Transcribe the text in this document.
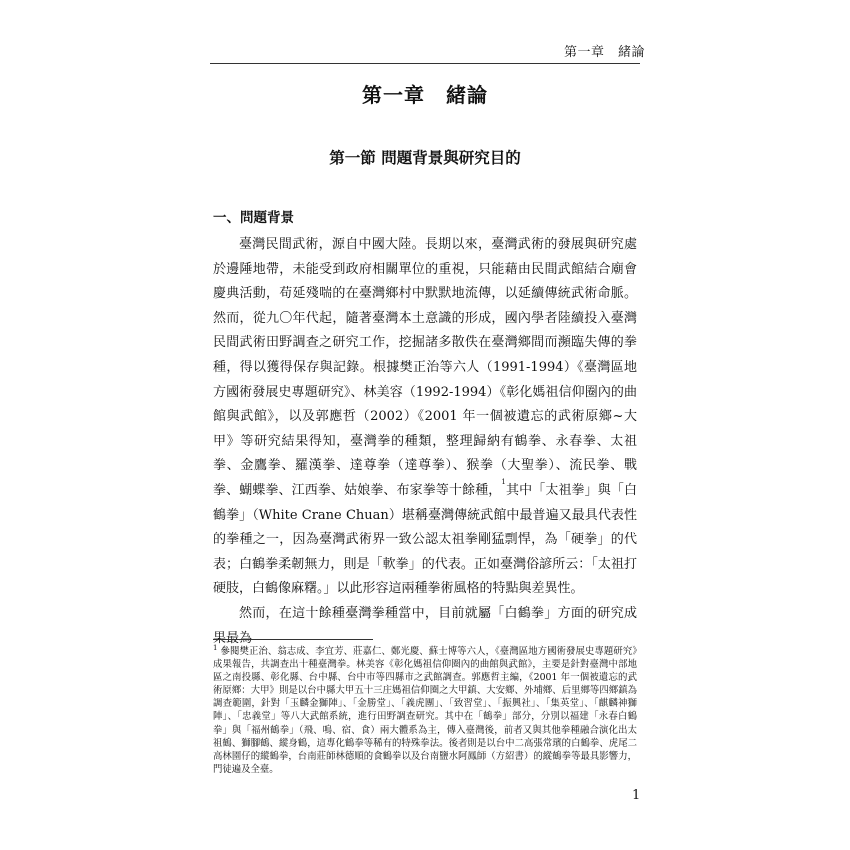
第一章　緒論
第一章　緒論
第一節 問題背景與研究目的
一、問題背景

臺灣民間武術，源自中國大陸。長期以來，臺灣武術的發展與研究處於邊陲地帶，未能受到政府相關單位的重視，只能藉由民間武館結合廟會慶典活動，苟延殘喘的在臺灣鄉村中默默地流傳，以延續傳統武術命脈。然而，從九〇年代起，隨著臺灣本土意識的形成，國內學者陸續投入臺灣民間武術田野調查之研究工作，挖掘諸多散佚在臺灣鄉間而瀕臨失傳的拳種，得以獲得保存與記錄。根據樊正治等六人（1991-1994）《臺灣區地方國術發展史專題研究》、林美容（1992-1994）《彰化媽祖信仰圈內的曲館與武館》，以及郭應哲（2002）《2001 年一個被遺忘的武術原鄉~大甲》等研究結果得知，臺灣拳的種類，整理歸納有鶴拳、永春拳、太祖拳、金鷹拳、羅漢拳、達尊拳（達尊拳）、猴拳（大聖拳）、流民拳、戰拳、蝴蝶拳、江西拳、姑娘拳、布家拳等十餘種，$^1$其中「太祖拳」與「白鶴拳」（White Crane Chuan）堪稱臺灣傳統武館中最普遍又最具代表性的拳種之一，因為臺灣武術界一致公認太祖拳剛猛剽悍，為「硬拳」的代表；白鶴拳柔韌無力，則是「軟拳」的代表。正如臺灣俗諺所云：「太祖打硬肢，白鶴像麻糬。」以此形容這兩種拳術風格的特點與差異性。

然而，在這十餘種臺灣拳種當中，目前就屬「白鶴拳」方面的研究成果最為

$^1$ 參閱樊正治、翁志成、李宜芳、莊嘉仁、鄭光慶、蘇士博等六人，《臺灣區地方國術發展史專題研究》成果報告，共調查出十種臺灣拳。林美容《彰化媽祖信仰圈內的曲館與武館》，主要是針對臺灣中部地區之南投縣、彰化縣、台中縣、台中市等四縣市之武館調查。郭應哲主編，《2001 年一個被遺忘的武術原鄉：大甲》則是以台中縣大甲五十三庄媽祖信仰圈之大甲鎮、大安鄉、外埔鄉、后里鄉等四鄉鎮為調查範圍，針對「玉麟金獅陣」、「金勝堂」、「義虎團」、「致習堂」、「振興社」、「集英堂」、「麒麟神獅陣」、「忠義堂」等八大武館系統，進行田野調查研究。其中在「鶴拳」部分，分別以福建「永春白鶴拳」與「福州鶴拳」（飛、鳴、宿、食）兩大體系為主，傳入臺灣後，前者又與其他拳種融合演化出太祖鶴、獅腳鶴、縱身鶴，這專化鶴拳等稀有的特殊拳法。後者則是以台中二高張常璸的白鶴拳、虎尾二高林園仔的縱鶴拳，台南莊師林德順的食鶴拳以及台南鹽水阿鳳師（方紹書）的縱鶴拳等最具影響力，門徒遍及全臺。
1
